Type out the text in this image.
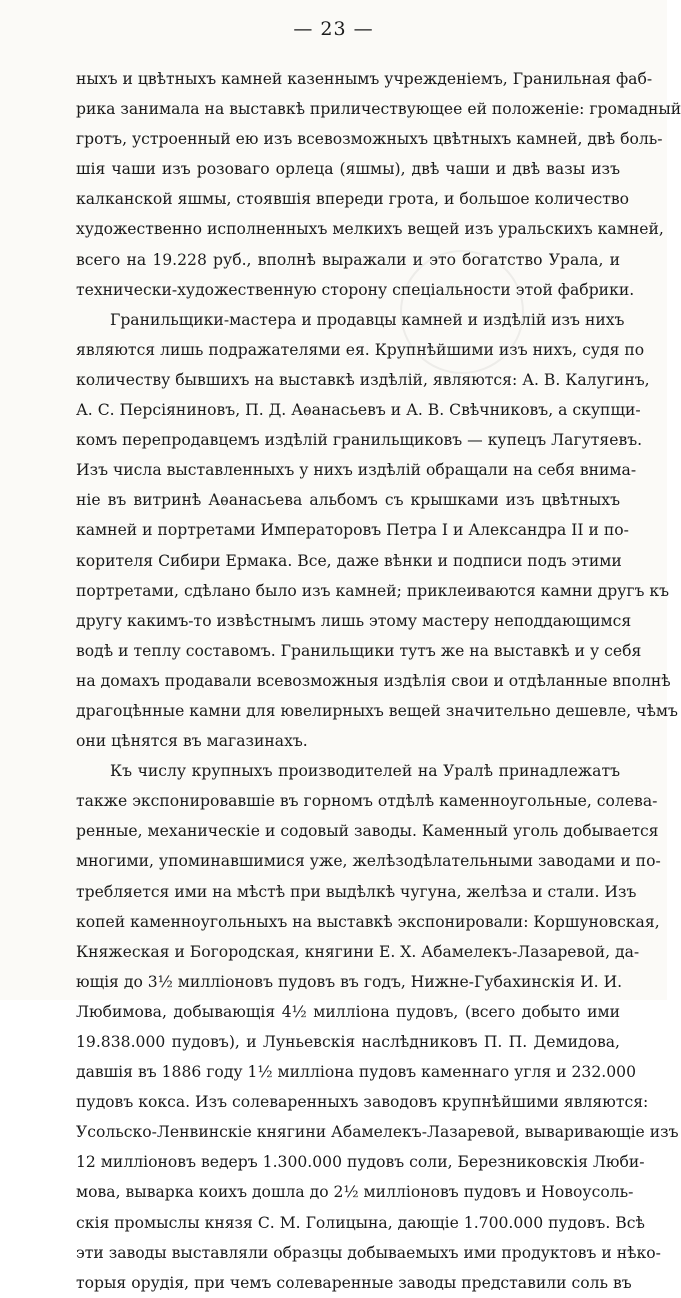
— 23 —
ныхъ и цвѣтныхъ камней казеннымъ учрежденіемъ, Гранильная фаб-
рика занимала на выставкѣ приличествующее ей положеніе: громадный
гротъ, устроенный ею изъ всевозможныхъ цвѣтныхъ камней, двѣ боль-
шія чаши изъ розоваго орлеца (яшмы), двѣ чаши и двѣ вазы изъ
калканской яшмы, стоявшія впереди грота, и большое количество
художественно исполненныхъ мелкихъ вещей изъ уральскихъ камней,
всего на 19.228 руб., вполнѣ выражали и это богатство Урала, и
технически-художественную сторону спеціальности этой фабрики.
Гранильщики-мастера и продавцы камней и издѣлій изъ нихъ
являются лишь подражателями ея. Крупнѣйшими изъ нихъ, судя по
количеству бывшихъ на выставкѣ издѣлій, являются: А. В. Калугинъ,
А. С. Персіяниновъ, П. Д. Аѳанасьевъ и А. В. Свѣчниковъ, а скупщи-
комъ перепродавцемъ издѣлій гранильщиковъ — купецъ Лагутяевъ.
Изъ числа выставленныхъ у нихъ издѣлій обращали на себя внима-
ніе въ витринѣ Аѳанасьева альбомъ съ крышками изъ цвѣтныхъ
камней и портретами Императоровъ Петра I и Александра II и по-
корителя Сибири Ермака. Все, даже вѣнки и подписи подъ этими
портретами, сдѣлано было изъ камней; приклеиваются камни другъ къ
другу какимъ-то извѣстнымъ лишь этому мастеру неподдающимся
водѣ и теплу составомъ. Гранильщики тутъ же на выставкѣ и у себя
на домахъ продавали всевозможныя издѣлія свои и отдѣланные вполнѣ
драгоцѣнные камни для ювелирныхъ вещей значительно дешевле, чѣмъ
они цѣнятся въ магазинахъ.
Къ числу крупныхъ производителей на Уралѣ принадлежатъ
также экспонировавшіе въ горномъ отдѣлѣ каменноугольные, солева-
ренные, механическіе и содовый заводы. Каменный уголь добывается
многими, упоминавшимися уже, желѣзодѣлательными заводами и по-
требляется ими на мѣстѣ при выдѣлкѣ чугуна, желѣза и стали. Изъ
копей каменноугольныхъ на выставкѣ экспонировали: Коршуновская,
Княжеская и Богородская, княгини Е. Х. Абамелекъ-Лазаревой, да-
ющія до 3½ милліоновъ пудовъ въ годъ, Нижне-Губахинскія И. И.
Любимова, добывающія 4½ милліона пудовъ, (всего добыто ими
19.838.000 пудовъ), и Луньевскія наслѣдниковъ П. П. Демидова,
давшія въ 1886 году 1½ милліона пудовъ каменнаго угля и 232.000
пудовъ кокса. Изъ солеваренныхъ заводовъ крупнѣйшими являются:
Усольско-Ленвинскіе княгини Абамелекъ-Лазаревой, вываривающіе изъ
12 милліоновъ ведеръ 1.300.000 пудовъ соли, Березниковскія Люби-
мова, выварка коихъ дошла до 2½ милліоновъ пудовъ и Новоусоль-
скія промыслы князя С. М. Голицына, дающіе 1.700.000 пудовъ. Всѣ
эти заводы выставляли образцы добываемыхъ ими продуктовъ и нѣко-
торыя орудія, при чемъ солеваренные заводы представили соль въ
